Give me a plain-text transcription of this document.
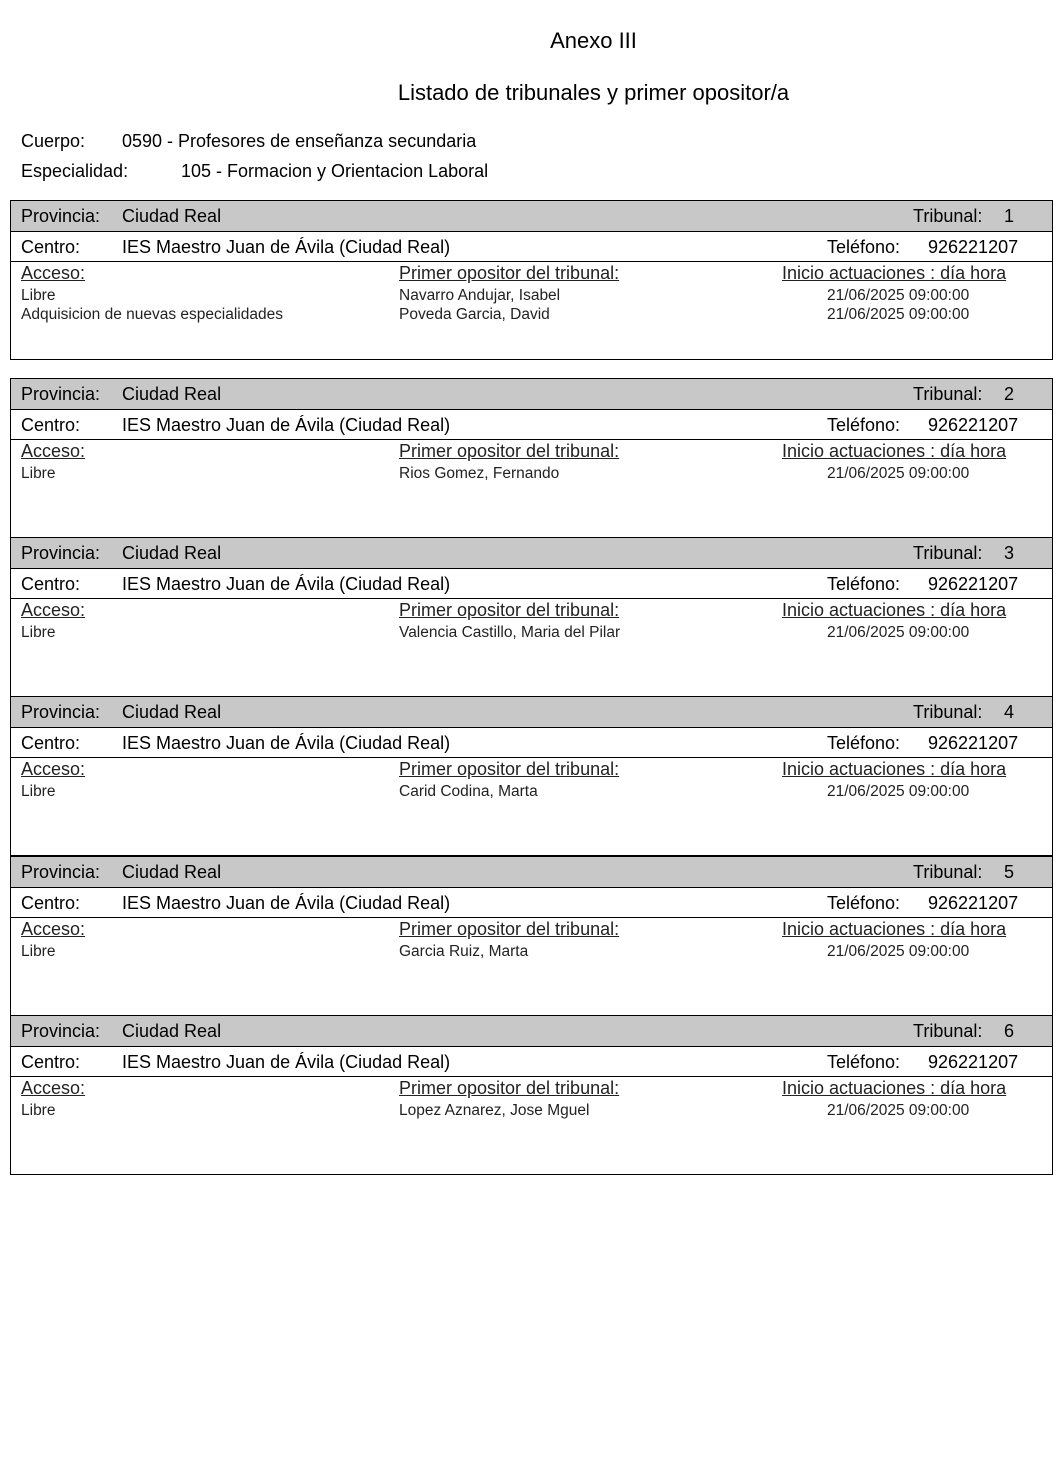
Anexo III
Listado de tribunales y primer opositor/a
Cuerpo: 0590 - Profesores de enseñanza secundaria
Especialidad:	105 - Formacion y Orientacion Laboral
Provincia: Ciudad Real	Tribunal: 1
Centro: IES Maestro Juan de Ávila (Ciudad Real)	Teléfono: 926221207
Acceso:	Primer opositor del tribunal:	Inicio actuaciones : día hora
Libre	Navarro Andujar, Isabel	21/06/2025 09:00:00
Adquisicion de nuevas especialidades	Poveda Garcia, David	21/06/2025 09:00:00
Provincia: Ciudad Real	Tribunal: 2
Centro: IES Maestro Juan de Ávila (Ciudad Real)	Teléfono: 926221207
Acceso:	Primer opositor del tribunal:	Inicio actuaciones : día hora
Libre	Rios Gomez, Fernando	21/06/2025 09:00:00
Provincia: Ciudad Real	Tribunal: 3
Centro: IES Maestro Juan de Ávila (Ciudad Real)	Teléfono: 926221207
Acceso:	Primer opositor del tribunal:	Inicio actuaciones : día hora
Libre	Valencia Castillo, Maria del Pilar	21/06/2025 09:00:00
Provincia: Ciudad Real	Tribunal: 4
Centro: IES Maestro Juan de Ávila (Ciudad Real)	Teléfono: 926221207
Acceso:	Primer opositor del tribunal:	Inicio actuaciones : día hora
Libre	Carid Codina, Marta	21/06/2025 09:00:00
Provincia: Ciudad Real	Tribunal: 5
Centro: IES Maestro Juan de Ávila (Ciudad Real)	Teléfono: 926221207
Acceso:	Primer opositor del tribunal:	Inicio actuaciones : día hora
Libre	Garcia Ruiz, Marta	21/06/2025 09:00:00
Provincia: Ciudad Real	Tribunal: 6
Centro: IES Maestro Juan de Ávila (Ciudad Real)	Teléfono: 926221207
Acceso:	Primer opositor del tribunal:	Inicio actuaciones : día hora
Libre	Lopez Aznarez, Jose Mguel	21/06/2025 09:00:00
